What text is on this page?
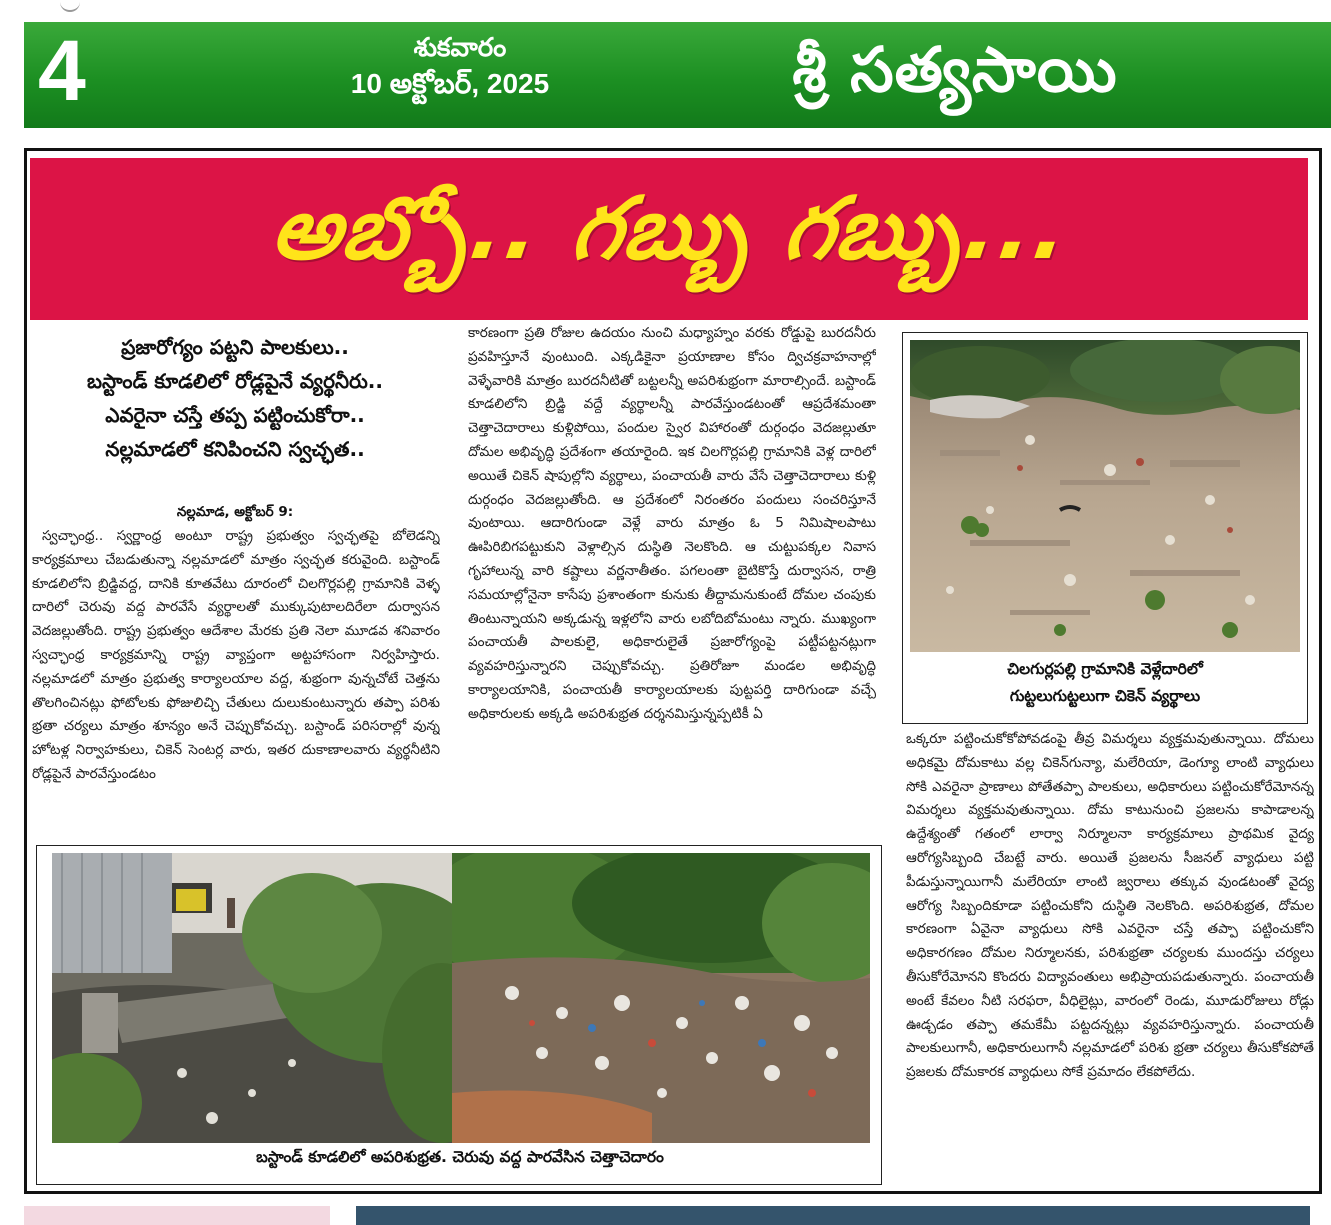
4	శుకవారం
10 అక్టోబర్, 2025	శ్రీ సత్యసాయి
అబ్బో.. గబ్బు గబ్బు...
ప్రజారోగ్యం పట్టని పాలకులు..
బస్టాండ్ కూడలిలో రోడ్లపైనే వ్యర్థనీరు..
ఎవరైనా చస్తే తప్ప పట్టించుకోరా..
నల్లమాడలో కనిపించని స్వచ్ఛత..
నల్లమాడ, అక్టోబర్ 9:

స్వచ్ఛాంధ్ర.. స్వర్ణాంధ్ర అంటూ రాష్ట్ర ప్రభుత్వం స్వచ్ఛతపై బోలెడన్ని కార్యక్రమాలు చేబడుతున్నా నల్లమాడలో మాత్రం స్వచ్ఛత కరువైంది. బస్టాండ్ కూడలిలోని బ్రిడ్జివద్ద, దానికి కూతవేటు దూరంలో చిలగొర్లపల్లి గ్రామానికి వెళ్ళ దారిలో చెరువు వద్ద పారవేసే వ్యర్థాలతో ముక్కుపుటాలదిరేలా దుర్వాసన వెదజల్లుతోంది. రాష్ట్ర ప్రభుత్వం ఆదేశాల మేరకు ప్రతి నెలా మూడవ శనివారం స్వచ్ఛాంధ్ర కార్యక్రమాన్ని రాష్ట్ర వ్యాప్తంగా అట్టహాసంగా నిర్వహిస్తారు. నల్లమాడలో మాత్రం ప్రభుత్వ కార్యాలయాల వద్ద, శుభ్రంగా వున్నచోటే చెత్తను తొలగించినట్లు ఫోటోలకు ఫోజులిచ్చి చేతులు దులుకుంటున్నారు తప్పా పరిశు భ్రతా చర్యలు మాత్రం శూన్యం అనే చెప్పుకోవచ్చు. బస్టాండ్ పరిసరాల్లో వున్న హోటళ్ల నిర్వాహకులు, చికెన్ సెంటర్ల వారు, ఇతర దుకాణాలవారు వ్యర్థనీటిని రోడ్లపైనే పారవేస్తుండటం

కారణంగా ప్రతి రోజుల ఉదయం నుంచి మధ్యాహ్నం వరకు రోడ్డుపై బురదనీరు ప్రవహిస్తూనే వుంటుంది. ఎక్కడికైనా ప్రయాణాల కోసం ద్విచక్రవాహనాల్లో వెళ్ళేవారికి మాత్రం బురదనీటితో బట్టలన్నీ అపరిశుభ్రంగా మారాల్సిందే. బస్టాండ్ కూడలిలోని బ్రిడ్జి వద్దే వ్యర్థాలన్నీ పారవేస్తుండటంతో ఆప్రదేశమంతా చెత్తాచెదారాలు కుళ్లిపోయి, పందుల స్వైర విహారంతో దుర్గంధం వెదజల్లుతూ దోమల అభివృద్ధి ప్రదేశంగా తయారైంది. ఇక చిలగొర్లపల్లి గ్రామానికి వెళ్ల దారిలో అయితే చికెన్ షాపుల్లోని వ్యర్థాలు, పంచాయతీ వారు వేసే చెత్తాచెదారాలు కుళ్లి దుర్గంధం వెదజల్లుతోంది. ఆ ప్రదేశంలో నిరంతరం పందులు సంచరిస్తూనే వుంటాయి. ఆదారిగుండా వెళ్లే వారు మాత్రం ఓ 5 నిమిషాలపాటు ఊపిరిబిగపట్టుకుని వెళ్లాల్సిన దుస్థితి నెలకొంది. ఆ చుట్టుపక్కల నివాస గృహాలున్న వారి కష్టాలు వర్ణనాతీతం. పగలంతా బైటికొస్తే దుర్వాసన, రాత్రి సమయాల్లోనైనా కాసేపు ప్రశాంతంగా కునుకు తీద్దామనుకుంటే దోమల చంపుకు తింటున్నాయని అక్కడున్న ఇళ్లలోని వారు లబోదిబోమంటు న్నారు. ముఖ్యంగా పంచాయతీ పాలకులైె, అధికారులైతే ప్రజారోగ్యంపై పట్టీపట్టనట్లుగా వ్యవహరిస్తున్నారని చెప్పుకోవచ్చు. ప్రతిరోజూ మండల అభివృద్ధి కార్యాలయానికి, పంచాయతీ కార్యాలయాలకు పుట్టపర్తి దారిగుండా వచ్చే అధికారులకు అక్కడి అపరిశుభ్రత దర్శనమిస్తున్నప్పటికీ ఏ

ఒక్కరూ పట్టించుకోకోపోవడంపై తీవ్ర విమర్శలు వ్యక్తమవుతున్నాయి. దోమలు అధికమై దోమకాటు వల్ల చికెన్‌గున్యా, మలేరియా, డెంగ్యూ లాంటి వ్యాధులు సోకి ఎవరైనా ప్రాణాలు పోతేతప్పా పాలకులు, అధికారులు పట్టించుకోరేమోనన్న విమర్శలు వ్యక్తమవుతున్నాయి. దోమ కాటునుంచి ప్రజలను కాపాడాలన్న ఉద్దేశ్యంతో గతంలో లార్వా నిర్మూలనా కార్యక్రమాలు ప్రాథమిక వైద్య ఆరోగ్యసిబ్బంది చేబట్టే వారు. అయితే ప్రజలను సీజనల్ వ్యాధులు పట్టి పీడుస్తున్నాయిగానీ మలేరియా లాంటి జ్వరాలు తక్కువ వుండటంతో వైద్య ఆరోగ్య సిబ్బందికూడా పట్టించుకోని దుస్థితి నెలకొంది. అపరిశుభ్రత, దోమల కారణంగా ఏవైనా వ్యాధులు సోకి ఎవరైనా చస్తే తప్పా పట్టించుకోని అధికారగణం దోమల నిర్మూలనకు, పరిశుభ్రతా చర్యలకు ముందస్తు చర్యలు తీసుకోరేమోనని కొందరు విద్యావంతులు అభిప్రాయపడుతున్నారు. పంచాయతీ అంటే కేవలం నీటి సరఫరా, వీధిలైట్లు, వారంలో రెండు, మూడురోజులు రోడ్లు ఊడ్చడం తప్పా తమకేమీ పట్టదన్నట్లు వ్యవహరిస్తున్నారు. పంచాయతీ పాలకులుగానీ, అధికారులుగానీ నల్లమాడలో పరిశు భ్రతా చర్యలు తీసుకోకపోతే ప్రజలకు దోమకారక వ్యాధులు సోకే ప్రమాదం లేకపోలేదు.

చిలగుర్లపల్లి గ్రామానికి వెళ్లేదారిలో
గుట్టలుగుట్టలుగా చికెన్ వ్యర్థాలు
బస్టాండ్ కూడలిలో అపరిశుభ్రత. చెరువు వద్ద పారవేసిన చెత్తాచెదారం
